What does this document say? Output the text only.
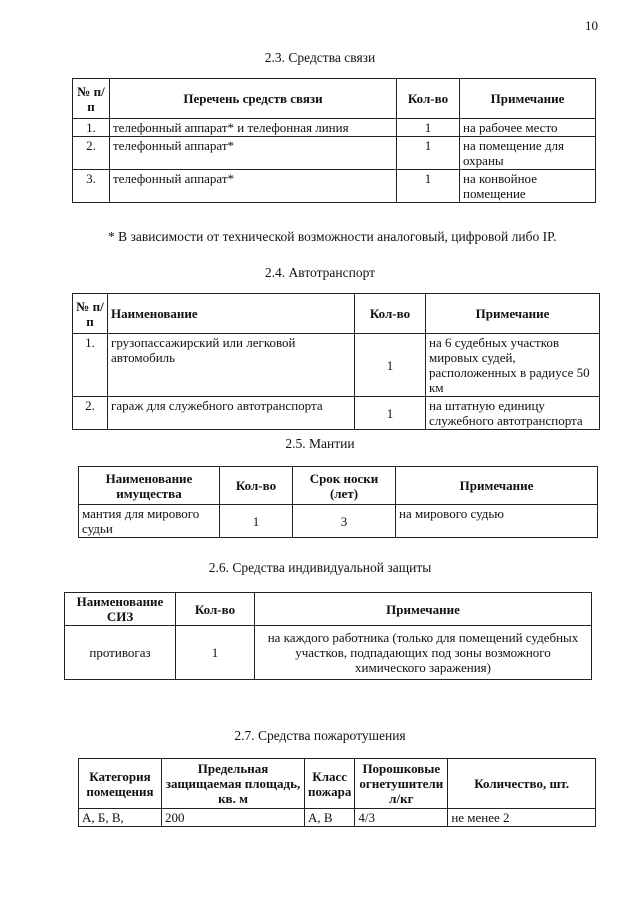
10
2.3. Средства связи
№ п/п	Перечень средств связи	Кол-во	Примечание
1.	телефонный аппарат* и телефонная линия	1	на рабочее место
2.	телефонный аппарат*	1	на помещение для охраны
3.	телефонный аппарат*	1	на конвойное помещение
* В зависимости от технической возможности аналоговый, цифровой либо IP.
2.4. Автотранспорт
№ п/п	Наименование	Кол-во	Примечание
1.	грузопассажирский или легковой автомобиль	1	на 6 судебных участков мировых судей, расположенных в радиусе 50 км
2.	гараж для служебного автотранспорта	1	на штатную единицу служебного автотранспорта
2.5. Мантии
Наименование имущества	Кол-во	Срок носки (лет)	Примечание
мантия для мирового судьи	1	3	на мирового судью
2.6. Средства индивидуальной защиты
Наименование СИЗ	Кол-во	Примечание
противогаз	1	на каждого работника (только для помещений судебных участков, подпадающих под зоны возможного химического заражения)
2.7. Средства пожаротушения
Категория помещения	Предельная защищаемая площадь, кв. м	Класс пожара	Порошковые огнетушители л/кг	Количество, шт.
А, Б, В,	200	А, В	4/3	не менее 2
